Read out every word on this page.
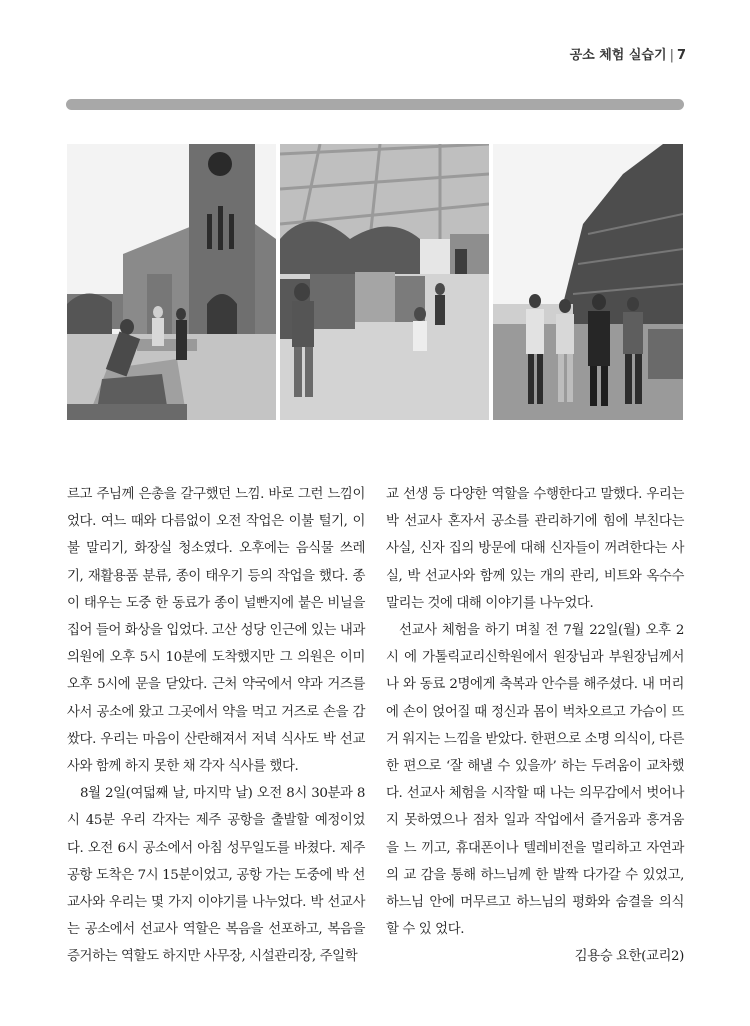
공소 체험 실습기 | 7

르고 주님께 은총을 갈구했던 느낌. 바로 그런 느낌이 었다. 여느 때와 다름없이 오전 작업은 이불 털기, 이 불 말리기, 화장실 청소였다. 오후에는 음식물 쓰레 기, 재활용품 분류, 종이 태우기 등의 작업을 했다. 종 이 태우는 도중 한 동료가 종이 널빤지에 붙은 비닐을 집어 들어 화상을 입었다. 고산 성당 인근에 있는 내과 의원에 오후 5시 10분에 도착했지만 그 의원은 이미 오후 5시에 문을 닫았다. 근처 약국에서 약과 거즈를 사서 공소에 왔고 그곳에서 약을 먹고 거즈로 손을 감 쌌다. 우리는 마음이 산란해져서 저녁 식사도 박 선교 사와 함께 하지 못한 채 각자 식사를 했다.

8월 2일(여덟째 날, 마지막 날) 오전 8시 30분과 8시 45분 우리 각자는 제주 공항을 출발할 예정이었 다. 오전 6시 공소에서 아침 성무일도를 바쳤다. 제주 공항 도착은 7시 15분이었고, 공항 가는 도중에 박 선 교사와 우리는 몇 가지 이야기를 나누었다. 박 선교사 는 공소에서 선교사 역할은 복음을 선포하고, 복음을 증거하는 역할도 하지만 사무장, 시설관리장, 주일학

교 선생 등 다양한 역할을 수행한다고 말했다. 우리는 박 선교사 혼자서 공소를 관리하기에 힘에 부친다는 사실, 신자 집의 방문에 대해 신자들이 꺼려한다는 사 실, 박 선교사와 함께 있는 개의 관리, 비트와 옥수수 말리는 것에 대해 이야기를 나누었다.

선교사 체험을 하기 며칠 전 7월 22일(월) 오후 2시 에 가톨릭교리신학원에서 원장님과 부원장님께서 나 와 동료 2명에게 축복과 안수를 해주셨다. 내 머리에 손이 얹어질 때 정신과 몸이 벅차오르고 가슴이 뜨거 워지는 느낌을 받았다. 한편으로 소명 의식이, 다른 한 편으로 ‘잘 해낼 수 있을까’ 하는 두려움이 교차했다. 선교사 체험을 시작할 때 나는 의무감에서 벗어나지 못하였으나 점차 일과 작업에서 즐거움과 흥겨움을 느 끼고, 휴대폰이나 텔레비전을 멀리하고 자연과의 교 감을 통해 하느님께 한 발짝 다가갈 수 있었고, 하느님 안에 머무르고 하느님의 평화와 숨결을 의식할 수 있 었다.

김용승 요한(교리2)
